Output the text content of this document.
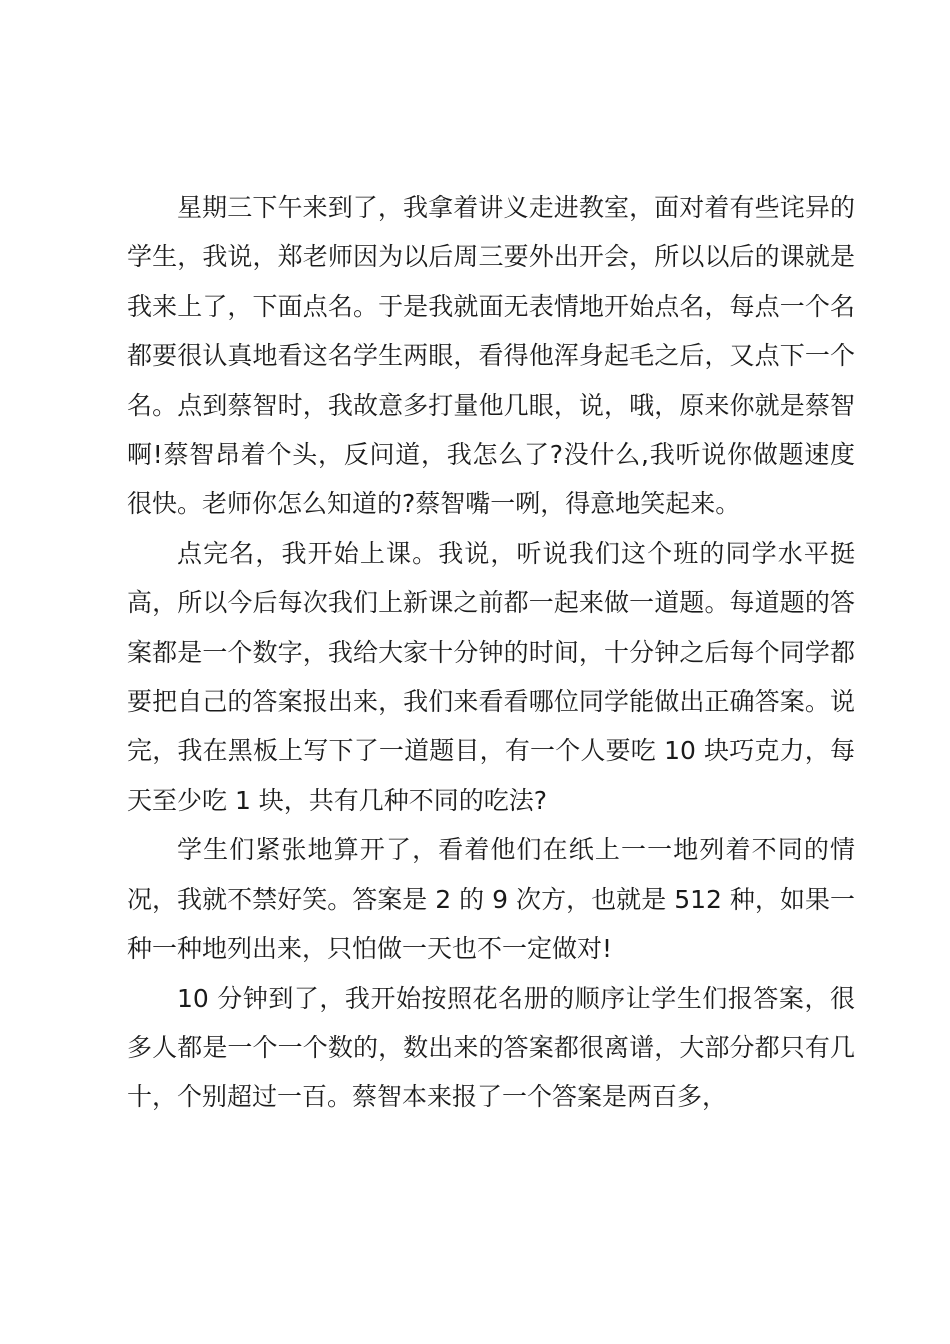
星期三下午来到了，我拿着讲义走进教室，面对着有些诧异的学生，我说，郑老师因为以后周三要外出开会，所以以后的课就是我来上了，下面点名。于是我就面无表情地开始点名，每点一个名都要很认真地看这名学生两眼，看得他浑身起毛之后，又点下一个名。点到蔡智时，我故意多打量他几眼，说，哦，原来你就是蔡智啊!蔡智昂着个头，反问道，我怎么了?没什么,我听说你做题速度很快。老师你怎么知道的?蔡智嘴一咧，得意地笑起来。

点完名，我开始上课。我说，听说我们这个班的同学水平挺高，所以今后每次我们上新课之前都一起来做一道题。每道题的答案都是一个数字，我给大家十分钟的时间，十分钟之后每个同学都要把自己的答案报出来，我们来看看哪位同学能做出正确答案。说完，我在黑板上写下了一道题目，有一个人要吃 10 块巧克力，每天至少吃 1 块，共有几种不同的吃法?

学生们紧张地算开了，看着他们在纸上一一地列着不同的情况，我就不禁好笑。答案是 2 的 9 次方，也就是 512 种，如果一种一种地列出来，只怕做一天也不一定做对!

10 分钟到了，我开始按照花名册的顺序让学生们报答案，很多人都是一个一个数的，数出来的答案都很离谱，大部分都只有几十，个别超过一百。蔡智本来报了一个答案是两百多，
